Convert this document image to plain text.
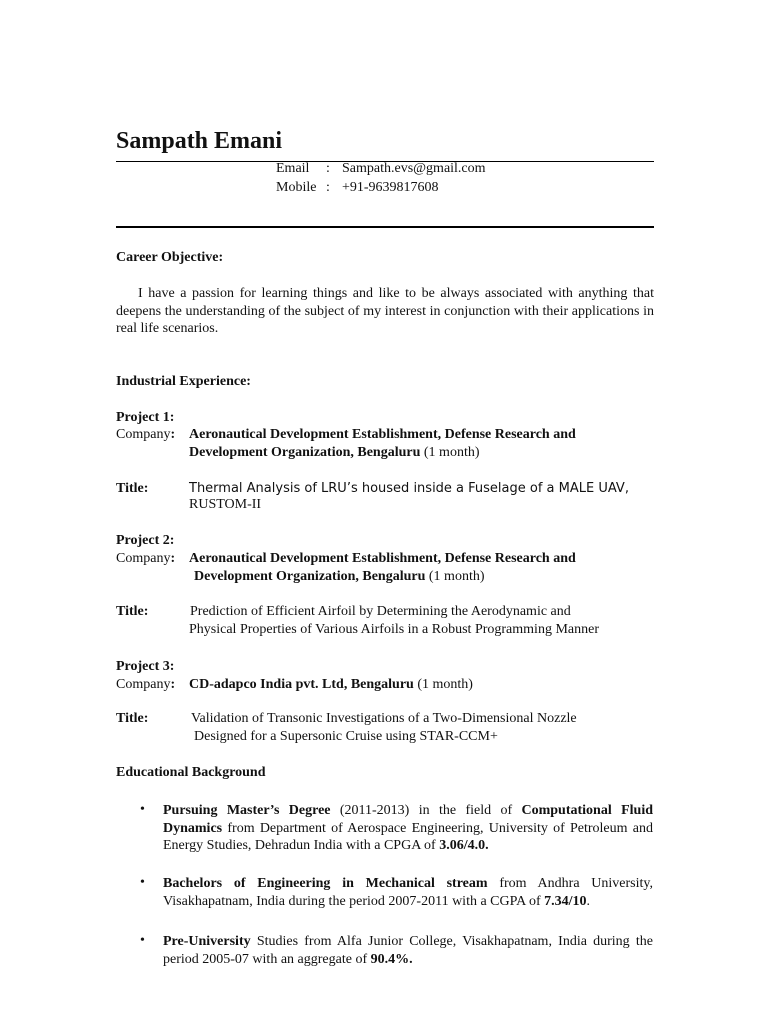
Sampath Emani
Email : Sampath.evs@gmail.com
Mobile : +91-9639817608
Career Objective:
I have a passion for learning things and like to be always associated with anything that deepens the understanding of the subject of my interest in conjunction with their applications in real life scenarios.
Industrial Experience:
Project 1:
Company: Aeronautical Development Establishment, Defense Research and
Development Organization, Bengaluru (1 month)
Title:	Thermal Analysis of LRU’s housed inside a Fuselage of a MALE UAV,
RUSTOM-II
Project 2:
Company: Aeronautical Development Establishment, Defense Research and
Development Organization, Bengaluru (1 month)
Title:	Prediction of Efficient Airfoil by Determining the Aerodynamic and
Physical Properties of Various Airfoils in a Robust Programming Manner
Project 3:
Company: CD-adapco India pvt. Ltd, Bengaluru (1 month)
Title:	Validation of Transonic Investigations of a Two-Dimensional Nozzle
Designed for a Supersonic Cruise using STAR-CCM+
Educational Background
• Pursuing Master’s Degree (2011-2013) in the field of Computational Fluid Dynamics from Department of Aerospace Engineering, University of Petroleum and Energy Studies, Dehradun India with a CPGA of 3.06/4.0.
• Bachelors of Engineering in Mechanical stream from Andhra University, Visakhapatnam, India during the period 2007-2011 with a CGPA of 7.34/10.
• Pre-University Studies from Alfa Junior College, Visakhapatnam, India during the period 2005-07 with an aggregate of 90.4%.
